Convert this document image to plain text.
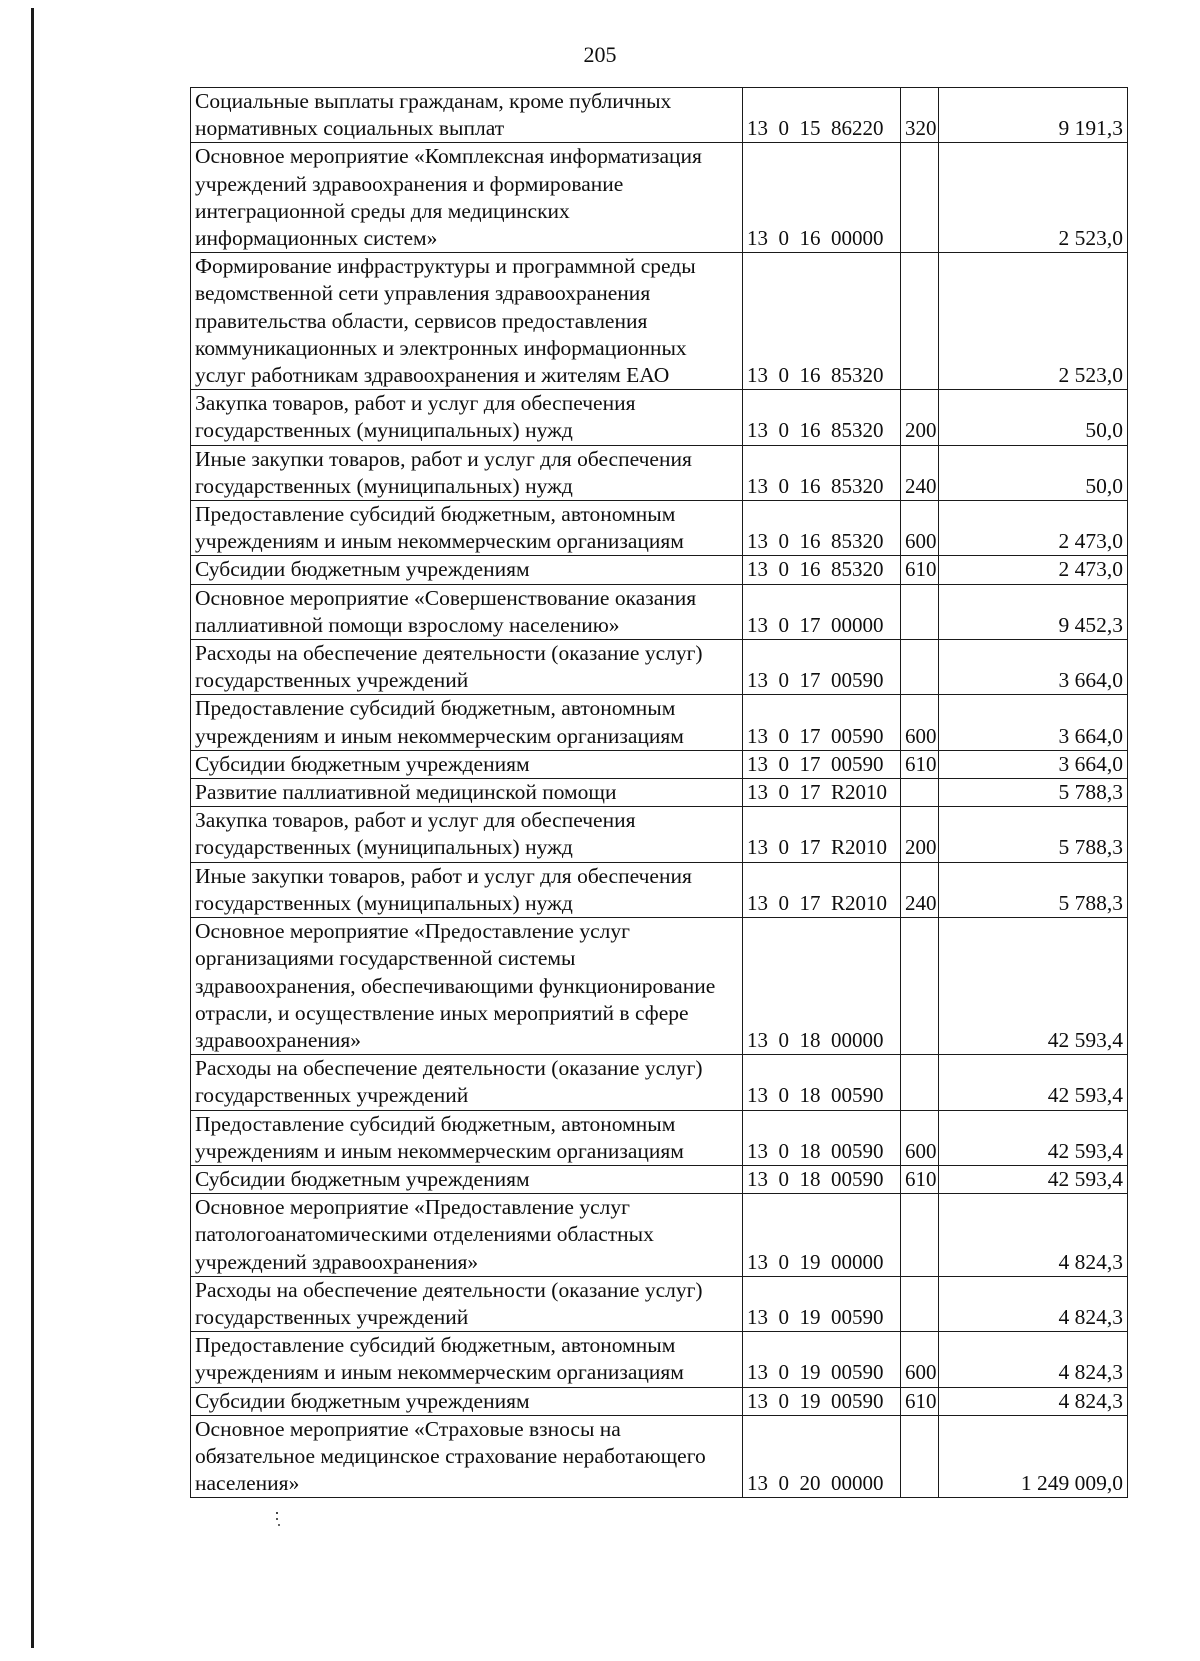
205
Социальные выплаты гражданам, кроме публичных нормативных социальных выплат	13  0  15  86220	320	9 191,3
Основное мероприятие «Комплексная информатизация учреждений здравоохранения и формирование интеграционной среды для медицинских информационных систем»	13  0  16  00000		2 523,0
Формирование инфраструктуры и программной среды ведомственной сети управления здравоохранения правительства области, сервисов предоставления коммуникационных и электронных информационных услуг работникам здравоохранения и жителям ЕАО	13  0  16  85320		2 523,0
Закупка товаров, работ и услуг для обеспечения государственных (муниципальных) нужд	13  0  16  85320	200	50,0
Иные закупки товаров, работ и услуг для обеспечения государственных (муниципальных) нужд	13  0  16  85320	240	50,0
Предоставление субсидий бюджетным, автономным учреждениям и иным некоммерческим организациям	13  0  16  85320	600	2 473,0
Субсидии бюджетным учреждениям	13  0  16  85320	610	2 473,0
Основное мероприятие «Совершенствование оказания паллиативной помощи взрослому населению»	13  0  17  00000		9 452,3
Расходы на обеспечение деятельности (оказание услуг) государственных учреждений	13  0  17  00590		3 664,0
Предоставление субсидий бюджетным, автономным учреждениям и иным некоммерческим организациям	13  0  17  00590	600	3 664,0
Субсидии бюджетным учреждениям	13  0  17  00590	610	3 664,0
Развитие паллиативной медицинской помощи	13  0  17  R2010		5 788,3
Закупка товаров, работ и услуг для обеспечения государственных (муниципальных) нужд	13  0  17  R2010	200	5 788,3
Иные закупки товаров, работ и услуг для обеспечения государственных (муниципальных) нужд	13  0  17  R2010	240	5 788,3
Основное мероприятие «Предоставление услуг организациями государственной системы здравоохранения, обеспечивающими функционирование отрасли, и осуществление иных мероприятий в сфере здравоохранения»	13  0  18  00000		42 593,4
Расходы на обеспечение деятельности (оказание услуг) государственных учреждений	13  0  18  00590		42 593,4
Предоставление субсидий бюджетным, автономным учреждениям и иным некоммерческим организациям	13  0  18  00590	600	42 593,4
Субсидии бюджетным учреждениям	13  0  18  00590	610	42 593,4
Основное мероприятие «Предоставление услуг патологоанатомическими отделениями областных учреждений здравоохранения»	13  0  19  00000		4 824,3
Расходы на обеспечение деятельности (оказание услуг) государственных учреждений	13  0  19  00590		4 824,3
Предоставление субсидий бюджетным, автономным учреждениям и иным некоммерческим организациям	13  0  19  00590	600	4 824,3
Субсидии бюджетным учреждениям	13  0  19  00590	610	4 824,3
Основное мероприятие «Страховые взносы на обязательное медицинское страхование неработающего населения»	13  0  20  00000		1 249 009,0
